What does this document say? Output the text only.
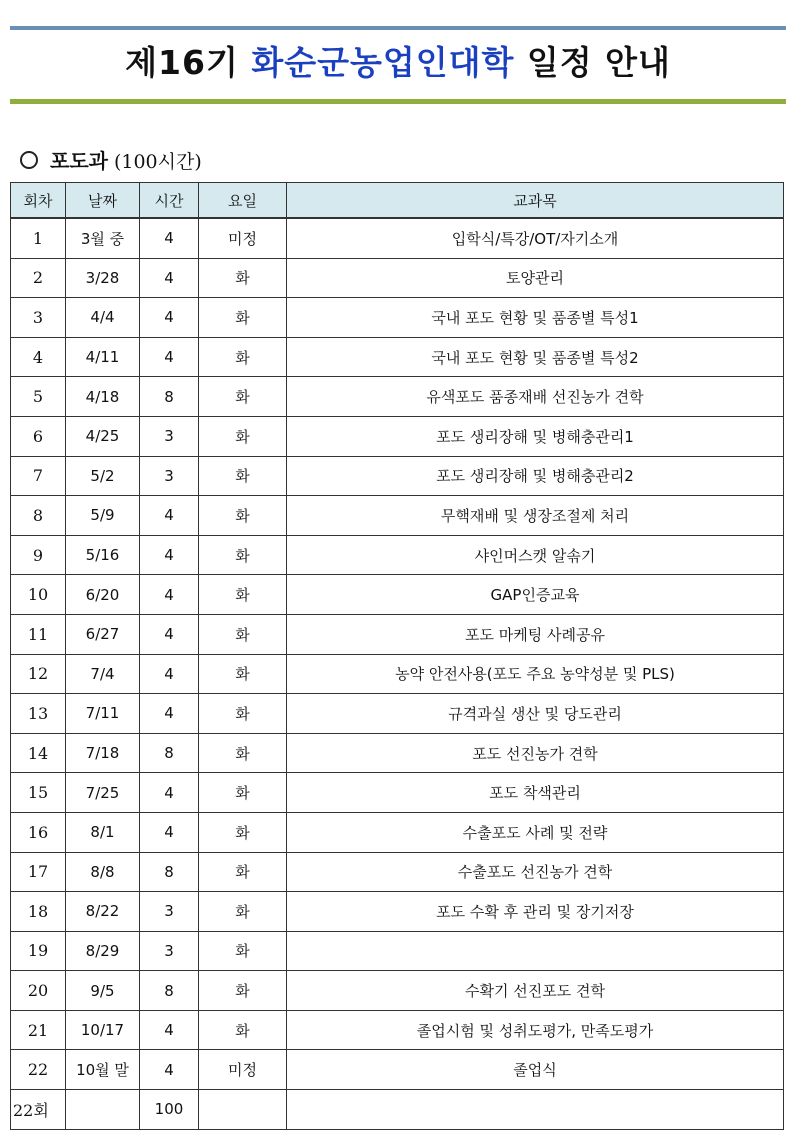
제16기 화순군농업인대학 일정 안내
포도과 (100시간)
회차	날짜	시간	요일	교과목
1	3월 중	4	미정	입학식/특강/OT/자기소개
2	3/28	4	화	토양관리
3	4/4	4	화	국내 포도 현황 및 품종별 특성1
4	4/11	4	화	국내 포도 현황 및 품종별 특성2
5	4/18	8	화	유색포도 품종재배 선진농가 견학
6	4/25	3	화	포도 생리장해 및 병해충관리1
7	5/2	3	화	포도 생리장해 및 병해충관리2
8	5/9	4	화	무핵재배 및 생장조절제 처리
9	5/16	4	화	샤인머스캣 알솎기
10	6/20	4	화	GAP인증교육
11	6/27	4	화	포도 마케팅 사례공유
12	7/4	4	화	농약 안전사용(포도 주요 농약성분 및 PLS)
13	7/11	4	화	규격과실 생산 및 당도관리
14	7/18	8	화	포도 선진농가 견학
15	7/25	4	화	포도 착색관리
16	8/1	4	화	수출포도 사례 및 전략
17	8/8	8	화	수출포도 선진농가 견학
18	8/22	3	화	포도 수확 후 관리 및 장기저장
19	8/29	3	화	
20	9/5	8	화	수확기 선진포도 견학
21	10/17	4	화	졸업시험 및 성취도평가, 만족도평가
22	10월 말	4	미정	졸업식
22회		100		
